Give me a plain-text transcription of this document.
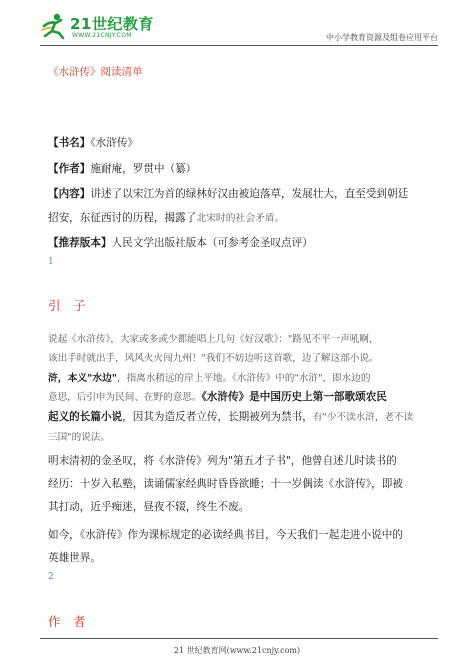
21世纪教育
WWW.21CNJY.COM	中小学教育资源及组卷应用平台
《水浒传》阅读清单
【书名】《水浒传》
【作者】施耐庵，罗贯中（纂）
【内容】讲述了以宋江为首的绿林好汉由被迫落草，发展壮大，直至受到朝廷
招安，东征西讨的历程，揭露了北宋时的社会矛盾。
【推荐版本】人民文学出版社版本（可参考金圣叹点评）
1
引　子
说起《水浒传》，大家或多或少都能唱上几句《好汉歌》："路见不平一声吼啊，
该出手时就出手，风风火火闯九州！"我们不妨边听这首歌，边了解这部小说。
浒，本义"水边"，指离水稍远的岸上平地。《水浒传》中的"水浒"，即水边的
意思，后引申为民间、在野的意思。《水浒传》是中国历史上第一部歌颂农民
起义的长篇小说，因其为造反者立传，长期被列为禁书，有"少不读水浒，老不读
三国"的说法。
明末清初的金圣叹，将《水浒传》列为"第五才子书"，他曾自述儿时读书的
经历：十岁入私塾，读诵儒家经典时昏昏欲睡；十一岁偶读《水浒传》，即被
其打动，近乎痴迷，昼夜不辍，终生不废。
如今，《水浒传》作为课标规定的必读经典书目，今天我们一起走进小说中的
英雄世界。
2
作　者
21 世纪教育网(www.21cnjy.com)
